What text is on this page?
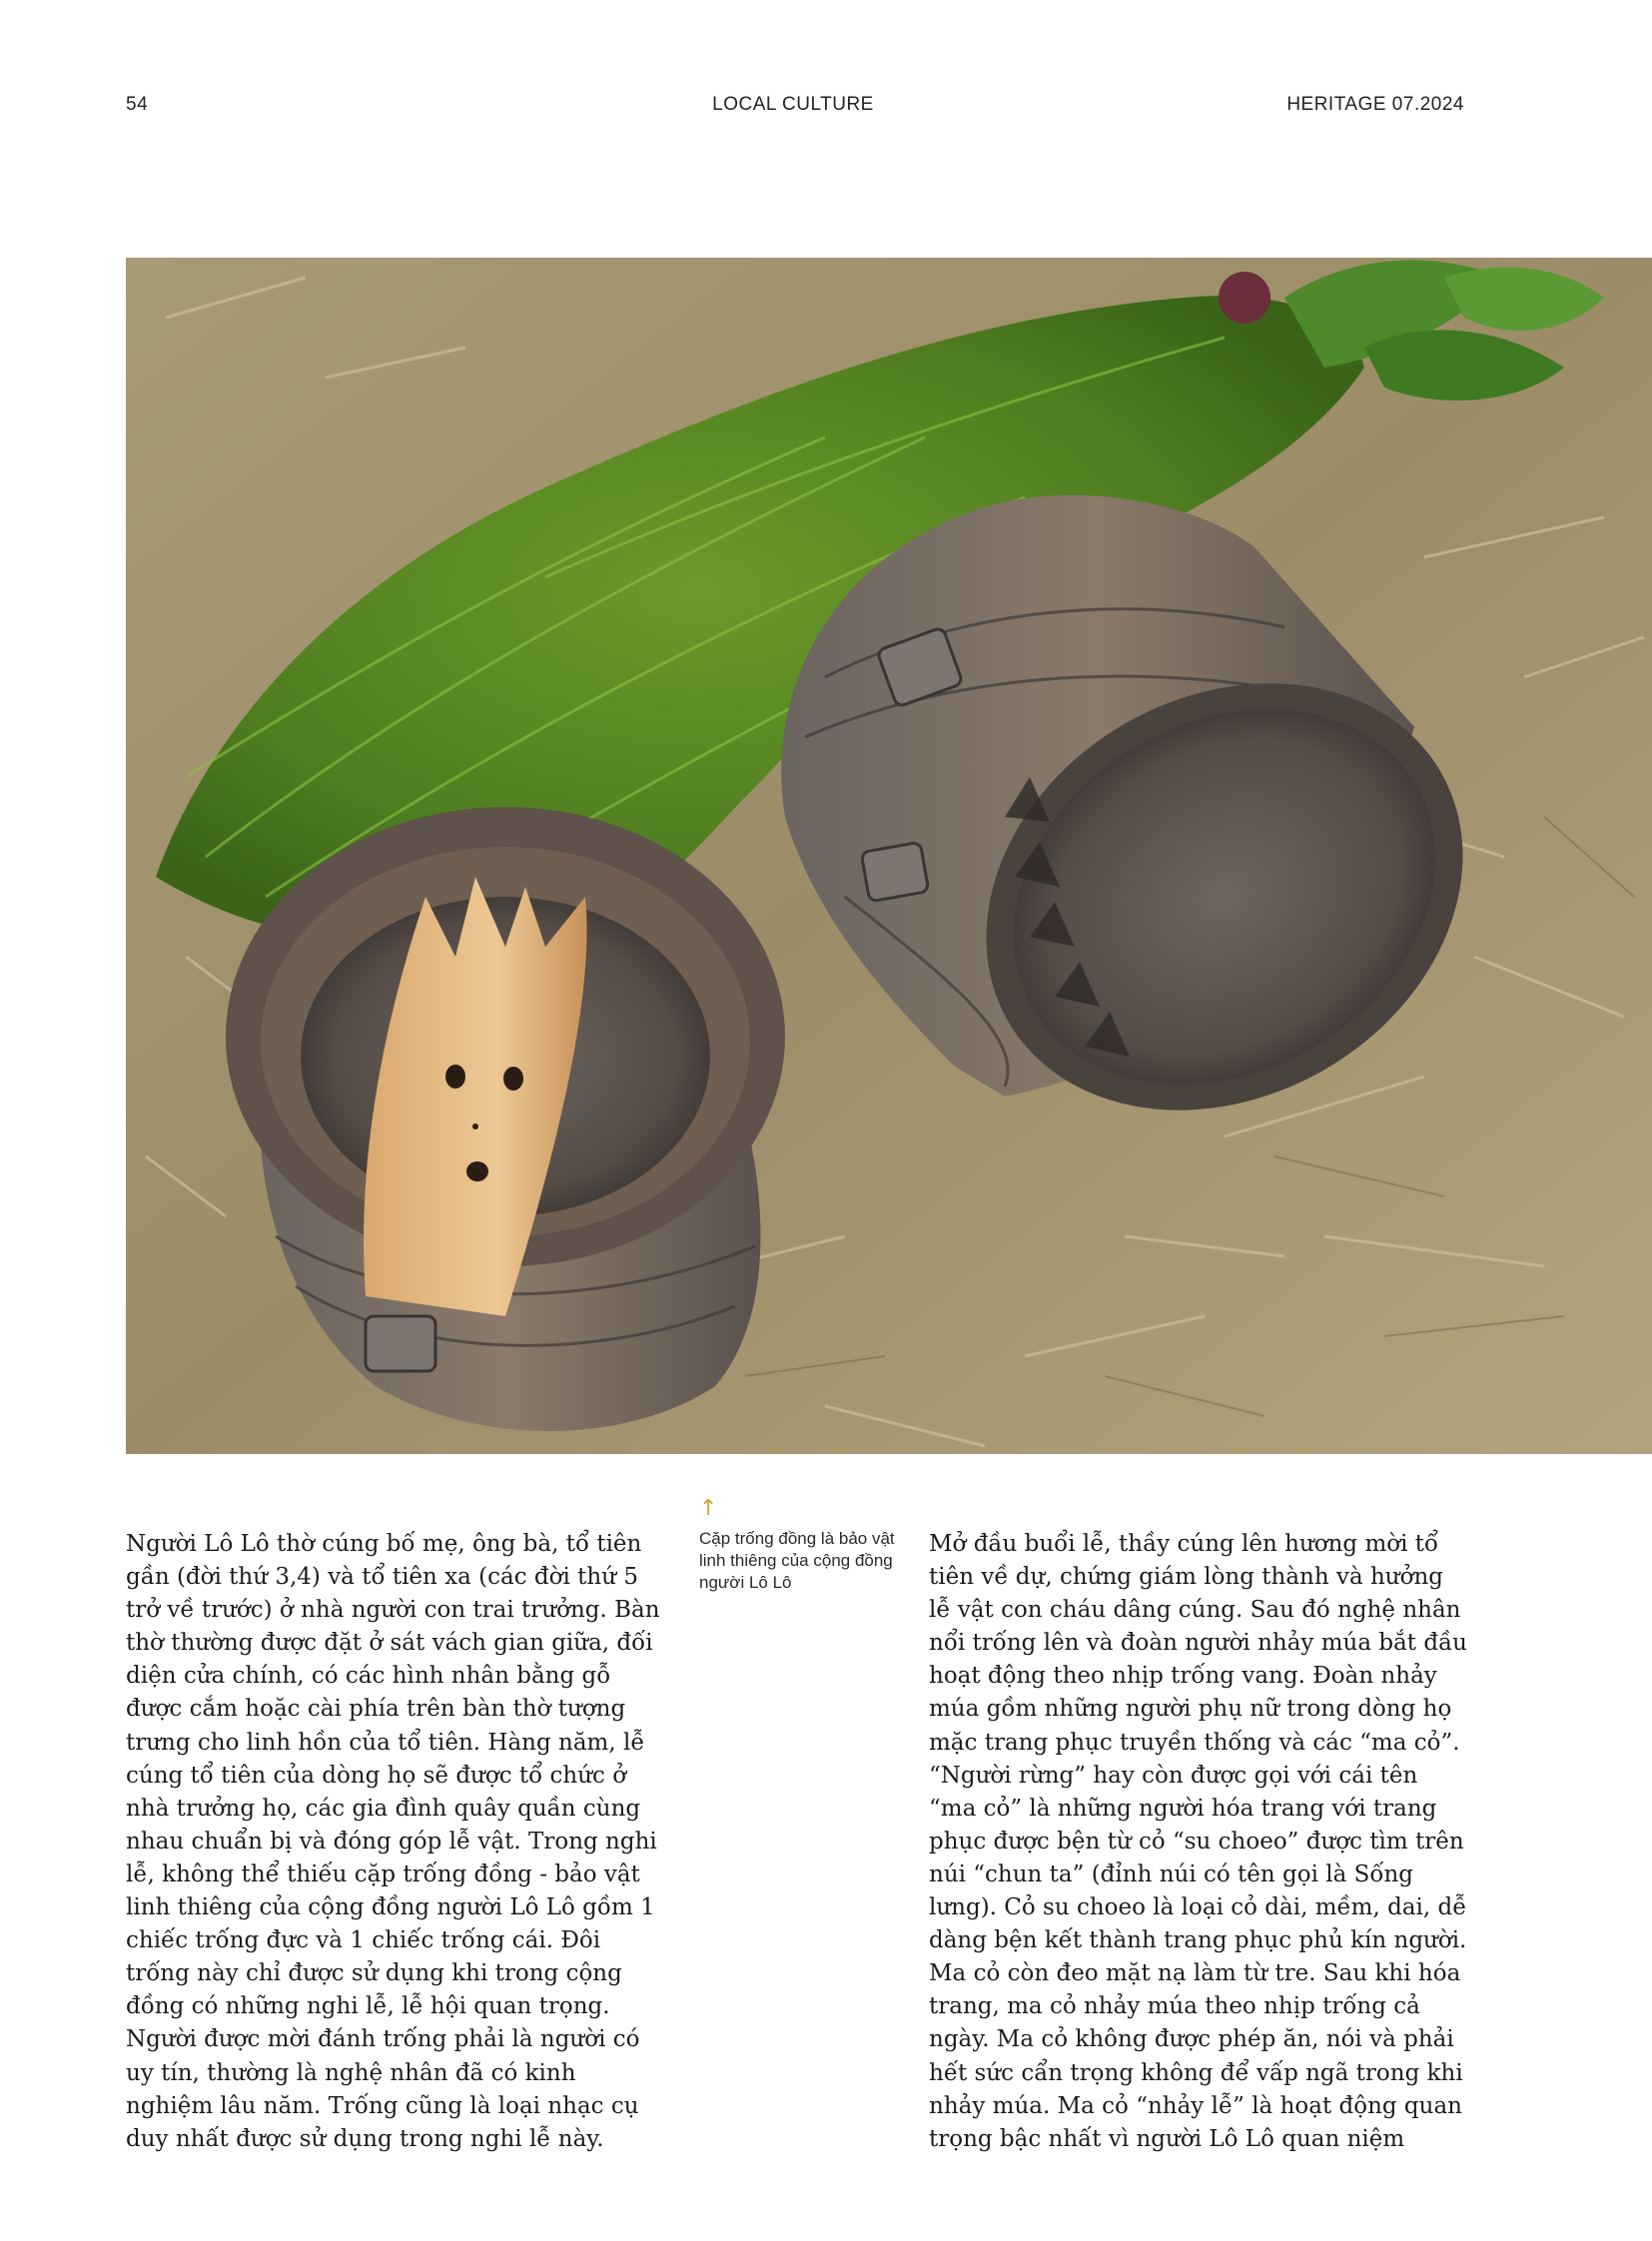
54	LOCAL CULTURE	HERITAGE 07.2024

Người Lô Lô thờ cúng bố mẹ, ông bà, tổ tiên gần (đời thứ 3,4) và tổ tiên xa (các đời thứ 5 trở về trước) ở nhà người con trai trưởng. Bàn thờ thường được đặt ở sát vách gian giữa, đối diện cửa chính, có các hình nhân bằng gỗ được cắm hoặc cài phía trên bàn thờ tượng trưng cho linh hồn của tổ tiên. Hàng năm, lễ cúng tổ tiên của dòng họ sẽ được tổ chức ở nhà trưởng họ, các gia đình quây quần cùng nhau chuẩn bị và đóng góp lễ vật. Trong nghi lễ, không thể thiếu cặp trống đồng - bảo vật linh thiêng của cộng đồng người Lô Lô gồm 1 chiếc trống đực và 1 chiếc trống cái. Đôi trống này chỉ được sử dụng khi trong cộng đồng có những nghi lễ, lễ hội quan trọng. Người được mời đánh trống phải là người có uy tín, thường là nghệ nhân đã có kinh nghiệm lâu năm. Trống cũng là loại nhạc cụ duy nhất được sử dụng trong nghi lễ này.

↑
Cặp trống đồng là bảo vật linh thiêng của cộng đồng người Lô Lô

Mở đầu buổi lễ, thầy cúng lên hương mời tổ tiên về dự, chứng giám lòng thành và hưởng lễ vật con cháu dâng cúng. Sau đó nghệ nhân nổi trống lên và đoàn người nhảy múa bắt đầu hoạt động theo nhịp trống vang. Đoàn nhảy múa gồm những người phụ nữ trong dòng họ mặc trang phục truyền thống và các “ma cỏ”. “Người rừng” hay còn được gọi với cái tên “ma cỏ” là những người hóa trang với trang phục được bện từ cỏ “su choeo” được tìm trên núi “chun ta” (đỉnh núi có tên gọi là Sống lưng). Cỏ su choeo là loại cỏ dài, mềm, dai, dễ dàng bện kết thành trang phục phủ kín người. Ma cỏ còn đeo mặt nạ làm từ tre. Sau khi hóa trang, ma cỏ nhảy múa theo nhịp trống cả ngày. Ma cỏ không được phép ăn, nói và phải hết sức cẩn trọng không để vấp ngã trong khi nhảy múa. Ma cỏ “nhảy lễ” là hoạt động quan trọng bậc nhất vì người Lô Lô quan niệm
